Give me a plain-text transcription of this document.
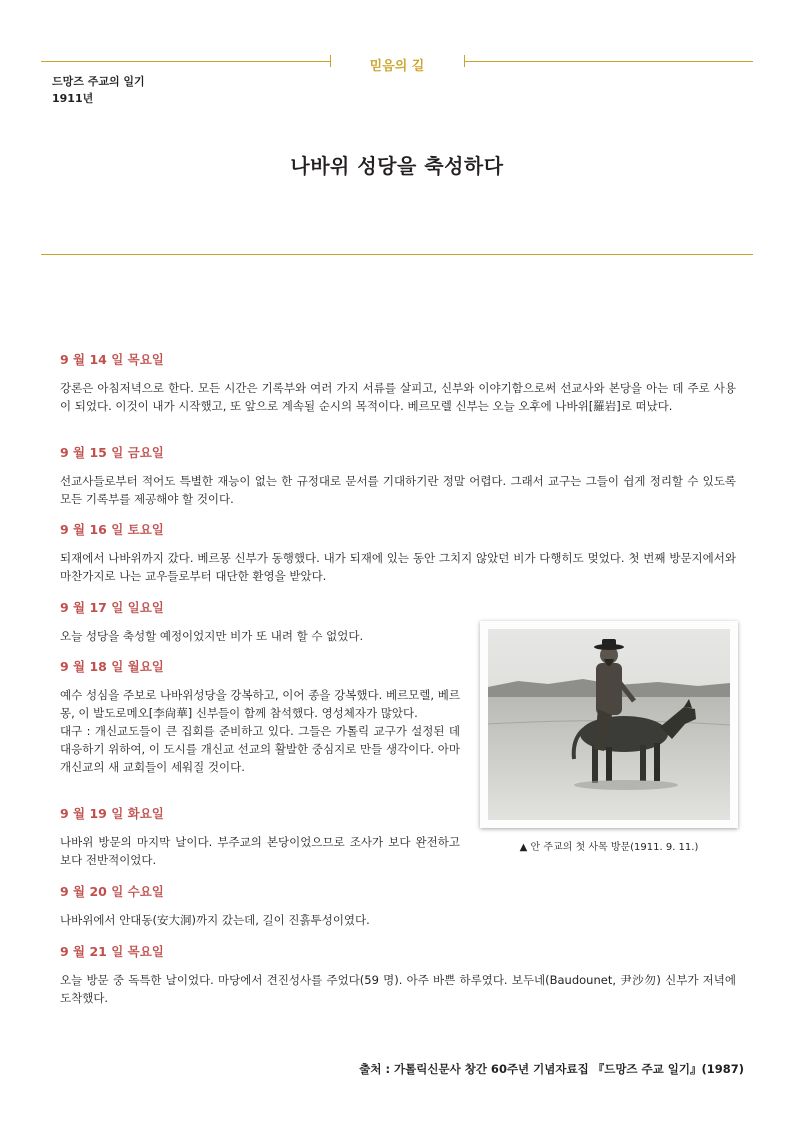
믿음의 길
드망즈 주교의 일기
1911년
나바위 성당을 축성하다
9 월 14 일 목요일

강론은 아침저녁으로 한다. 모든 시간은 기록부와 여러 가지 서류를 살피고, 신부와 이야기함으로써 선교사와 본당을 아는 데 주로 사용이 되었다. 이것이 내가 시작했고, 또 앞으로 계속될 순시의 목적이다. 베르모렐 신부는 오늘 오후에 나바위[羅岩]로 떠났다.

9 월 15 일 금요일

선교사들로부터 적어도 특별한 재능이 없는 한 규정대로 문서를 기대하기란 정말 어렵다. 그래서 교구는 그들이 쉽게 정리할 수 있도록 모든 기록부를 제공해야 할 것이다.

9 월 16 일 토요일

되재에서 나바위까지 갔다. 베르몽 신부가 동행했다. 내가 되재에 있는 동안 그치지 않았던 비가 다행히도 멎었다. 첫 번째 방문지에서와 마찬가지로 나는 교우들로부터 대단한 환영을 받았다.

9 월 17 일 일요일

오늘 성당을 축성할 예정이었지만 비가 또 내려 할 수 없었다.

9 월 18 일 월요일

예수 성심을 주보로 나바위성당을 강복하고, 이어 종을 강복했다. 베르모렐, 베르몽, 이 발도로메오[李尙華] 신부들이 함께 참석했다. 영성체자가 많았다.

대구 : 개신교도들이 큰 집회를 준비하고 있다. 그들은 가톨릭 교구가 설정된 데 대응하기 위하여, 이 도시를 개신교 선교의 활발한 중심지로 만들 생각이다. 아마 개신교의 새 교회들이 세워질 것이다.

9 월 19 일 화요일

나바위 방문의 마지막 날이다. 부주교의 본당이었으므로 조사가 보다 완전하고 보다 전반적이었다.

9 월 20 일 수요일

나바위에서 안대동(安大洞)까지 갔는데, 길이 진흙투성이였다.

9 월 21 일 목요일

오늘 방문 중 독특한 날이었다. 마당에서 견진성사를 주었다(59 명). 아주 바쁜 하루였다. 보두네(Baudounet, 尹沙勿) 신부가 저녁에 도착했다.

▲ 안 주교의 첫 사목 방문(1911. 9. 11.)
출처 : 가톨릭신문사 창간 60주년 기념자료집 『드망즈 주교 일기』(1987)
